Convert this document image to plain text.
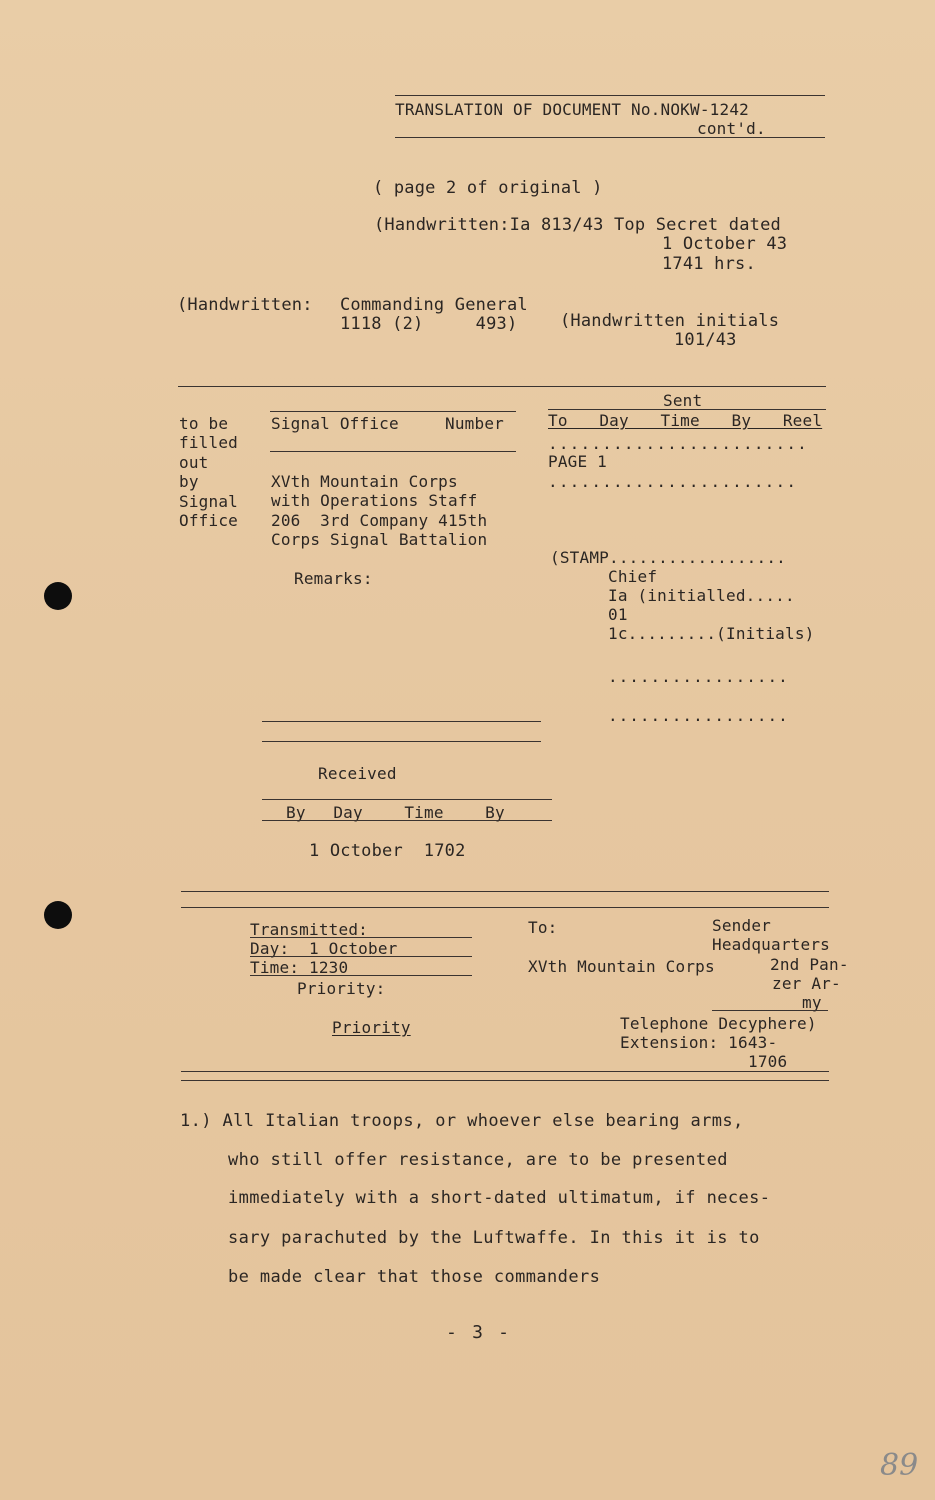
TRANSLATION OF DOCUMENT No.NOKW-1242
cont'd.
( page 2 of original )
(Handwritten:Ia 813/43 Top Secret dated
1 October 43
1741 hrs.
(Handwritten: Commanding General
1118 (2)     493)	(Handwritten initials
101/43
Sent
To  Day  Time  By  Reel
Signal Office	Number
to be
filled
out
by
Signal
Office
........................
PAGE 1
.......................
XVth Mountain Corps
with Operations Staff
206  3rd Company 415th
Corps Signal Battalion
(STAMP..................
Chief
Ia (initialled.....
01
1c.........(Initials)
.................
.................
Remarks:
Received
By  Day   Time   By
1 October  1702
Transmitted:
Day:  1 October
Time: 1230
Priority:
Priority
To:
XVth Mountain Corps
Sender
Headquarters
2nd Pan-
zer Ar-
my
Telephone Decyphere)
Extension: 1643-
1706
1.) All Italian troops, or whoever else bearing arms,
who still offer resistance, are to be presented
immediately with a short-dated ultimatum, if neces-
sary parachuted by the Luftwaffe. In this it is to
be made clear that those commanders
- 3 -
89
